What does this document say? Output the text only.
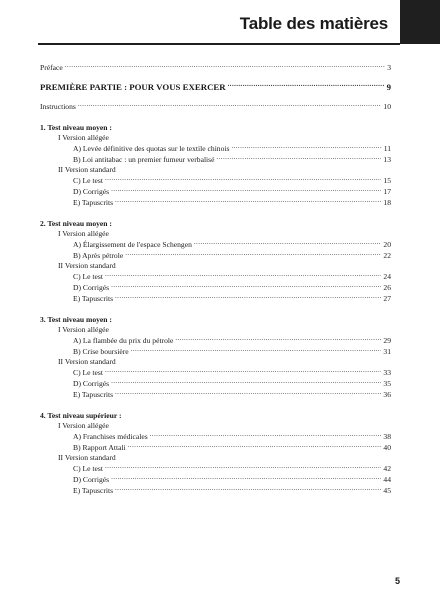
Table des matières
Préface .....	3
PREMIÈRE PARTIE : POUR VOUS EXERCER .....	9
Instructions .....	10
1. Test niveau moyen :
I Version allégée
A) Levée définitive des quotas sur le textile chinois .....	11
B) Loi antitabac : un premier fumeur verbalisé .....	13
II Version standard
C) Le test .....	15
D) Corrigés .....	17
E) Tapuscrits .....	18
2. Test niveau moyen :
I Version allégée
A) Élargissement de l'espace Schengen .....	20
B) Après pétrole .....	22
II Version standard
C) Le test .....	24
D) Corrigés .....	26
E) Tapuscrits .....	27
3. Test niveau moyen :
I Version allégée
A) La flambée du prix du pétrole .....	29
B) Crise boursière .....	31
II Version standard
C) Le test .....	33
D) Corrigés .....	35
E) Tapuscrits .....	36
4. Test niveau supérieur :
I Version allégée
A) Franchises médicales .....	38
B) Rapport Attali .....	40
II Version standard
C) Le test .....	42
D) Corrigés .....	44
E) Tapuscrits .....	45
5
